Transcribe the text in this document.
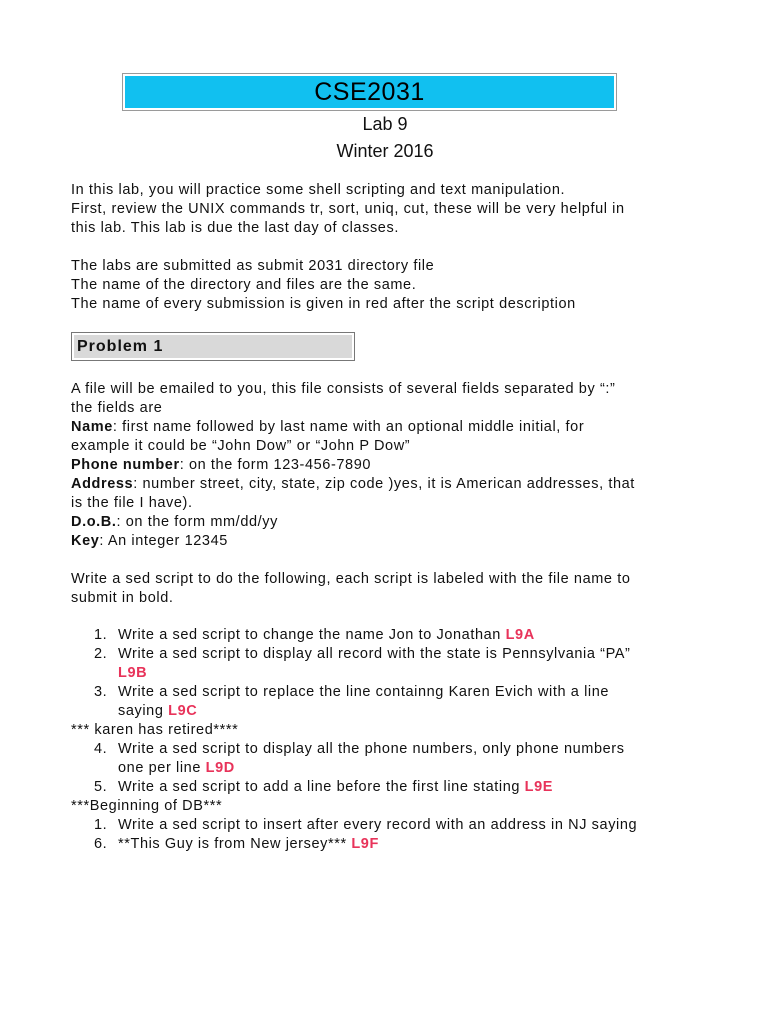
CSE2031
Lab 9
Winter 2016
In this lab, you will practice some shell scripting and text manipulation.
First, review the UNIX commands tr, sort, uniq, cut, these will be very helpful in
this lab. This lab is due the last day of classes.
The labs are submitted as submit 2031 directory file
The name of the directory and files are the same.
The name of every submission is given in red after the script description
Problem 1
A file will be emailed to you, this file consists of several fields separated by “:”
the fields are
Name: first name followed by last name with an optional middle initial, for
example it could be “John Dow” or “John P Dow”
Phone number: on the form 123-456-7890
Address: number street, city, state, zip code )yes, it is American addresses, that
is the file I have).
D.o.B.: on the form mm/dd/yy
Key: An integer 12345
Write a sed script to do the following, each script is labeled with the file name to
submit in bold.
1. Write a sed script to change the name Jon to Jonathan L9A
2. Write a sed script to display all record with the state is Pennsylvania “PA”
L9B
3. Write a sed script to replace the line containng Karen Evich with a line
saying L9C
*** karen has retired****
4. Write a sed script to display all the phone numbers, only phone numbers
one per line L9D
5. Write a sed script to add a line before the first line stating L9E
***Beginning of DB***
1. Write a sed script to insert after every record with an address in NJ saying
6. **This Guy is from New jersey*** L9F
